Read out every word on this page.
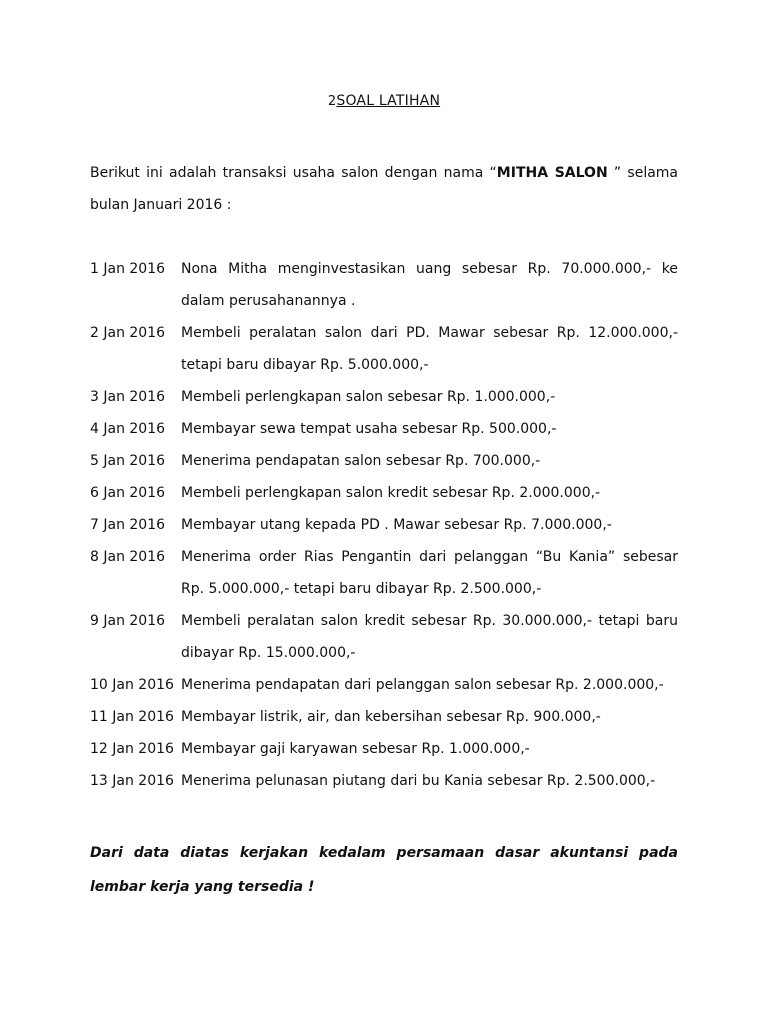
2SOAL LATIHAN
Berikut ini adalah transaksi usaha salon dengan nama “MITHA SALON ” selama bulan Januari 2016 :
1 Jan 2016	Nona Mitha menginvestasikan uang sebesar Rp. 70.000.000,- ke dalam perusahanannya .
2 Jan 2016	Membeli peralatan salon dari PD. Mawar sebesar Rp. 12.000.000,- tetapi baru dibayar Rp. 5.000.000,-
3 Jan 2016	Membeli perlengkapan salon sebesar Rp. 1.000.000,-
4 Jan 2016	Membayar sewa tempat usaha sebesar Rp. 500.000,-
5 Jan 2016	Menerima pendapatan salon sebesar Rp. 700.000,-
6 Jan 2016	Membeli perlengkapan salon kredit sebesar Rp. 2.000.000,-
7 Jan 2016	Membayar utang kepada PD . Mawar sebesar Rp. 7.000.000,-
8 Jan 2016	Menerima order Rias Pengantin dari pelanggan “Bu Kania” sebesar Rp. 5.000.000,- tetapi baru dibayar Rp. 2.500.000,-
9 Jan 2016	Membeli peralatan salon kredit sebesar Rp. 30.000.000,- tetapi baru dibayar Rp. 15.000.000,-
10 Jan 2016 Menerima pendapatan dari pelanggan salon sebesar Rp. 2.000.000,-
11 Jan 2016 Membayar listrik, air, dan kebersihan sebesar Rp. 900.000,-
12 Jan 2016 Membayar gaji karyawan sebesar Rp. 1.000.000,-
13 Jan 2016 Menerima pelunasan piutang dari bu Kania sebesar Rp. 2.500.000,-
Dari data diatas kerjakan kedalam persamaan dasar akuntansi pada lembar kerja yang tersedia !
